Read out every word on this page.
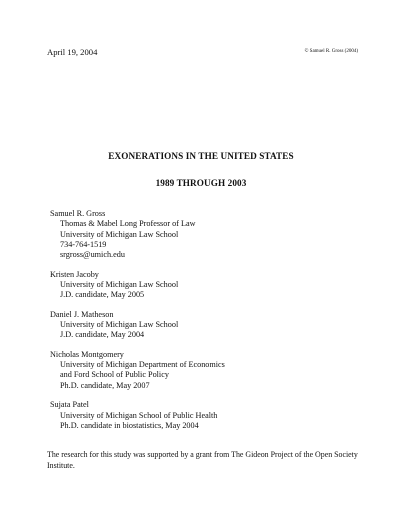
April 19, 2004	© Samuel R. Gross (2004)
EXONERATIONS IN THE UNITED STATES
1989 THROUGH 2003
Samuel R. Gross
Thomas & Mabel Long Professor of Law
University of Michigan Law School
734-764-1519
srgross@umich.edu
Kristen Jacoby
University of Michigan Law School
J.D. candidate, May 2005
Daniel J. Matheson
University of Michigan Law School
J.D. candidate, May 2004
Nicholas Montgomery
University of Michigan Department of Economics
and Ford School of Public Policy
Ph.D. candidate, May 2007
Sujata Patel
University of Michigan School of Public Health
Ph.D. candidate in biostatistics, May 2004
The research for this study was supported by a grant from The Gideon Project of the Open Society Institute.
